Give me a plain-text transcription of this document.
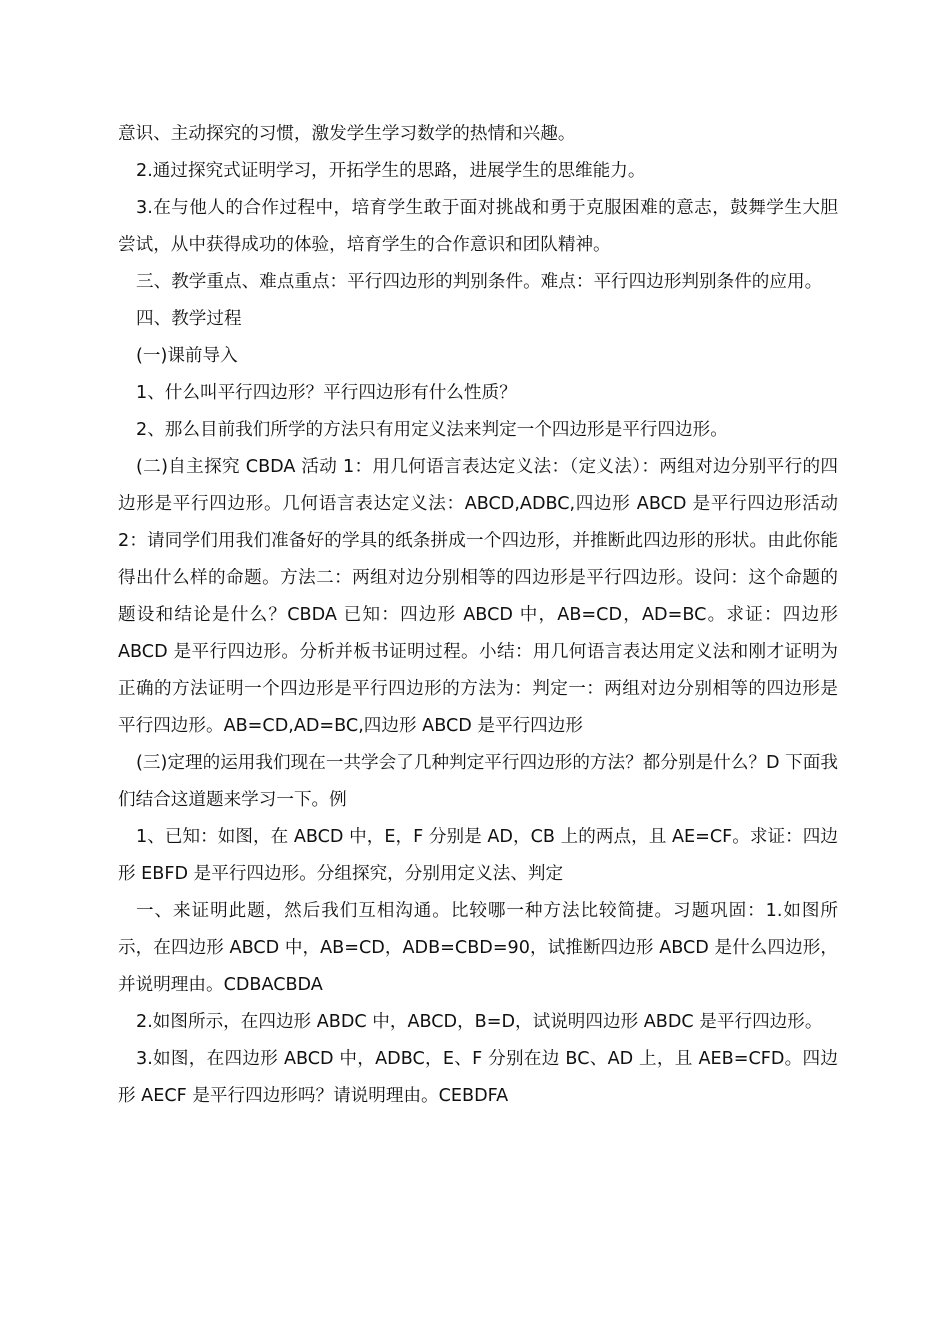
意识、主动探究的习惯，激发学生学习数学的热情和兴趣。

2.通过探究式证明学习，开拓学生的思路，进展学生的思维能力。

3.在与他人的合作过程中，培育学生敢于面对挑战和勇于克服困难的意志，鼓舞学生大胆尝试，从中获得成功的体验，培育学生的合作意识和团队精神。

三、教学重点、难点重点：平行四边形的判别条件。难点：平行四边形判别条件的应用。

四、教学过程

(一)课前导入

1、什么叫平行四边形？平行四边形有什么性质？

2、那么目前我们所学的方法只有用定义法来判定一个四边形是平行四边形。

(二)自主探究 CBDA 活动 1：用几何语言表达定义法：（定义法）：两组对边分别平行的四边形是平行四边形。几何语言表达定义法：ABCD,ADBC,四边形 ABCD 是平行四边形活动 2：请同学们用我们准备好的学具的纸条拼成一个四边形，并推断此四边形的形状。由此你能得出什么样的命题。方法二：两组对边分别相等的四边形是平行四边形。设问：这个命题的题设和结论是什么？CBDA 已知：四边形 ABCD 中，AB=CD，AD=BC。求证：四边形 ABCD 是平行四边形。分析并板书证明过程。小结：用几何语言表达用定义法和刚才证明为正确的方法证明一个四边形是平行四边形的方法为：判定一：两组对边分别相等的四边形是平行四边形。AB=CD,AD=BC,四边形 ABCD 是平行四边形

(三)定理的运用我们现在一共学会了几种判定平行四边形的方法？都分别是什么？D 下面我们结合这道题来学习一下。例

1、已知：如图，在 ABCD 中，E，F 分别是 AD，CB 上的两点，且 AE=CF。求证：四边形 EBFD 是平行四边形。分组探究，分别用定义法、判定

一、来证明此题，然后我们互相沟通。比较哪一种方法比较简捷。习题巩固：1.如图所示，在四边形 ABCD 中，AB=CD，ADB=CBD=90，试推断四边形 ABCD 是什么四边形，并说明理由。CDBACBDA

2.如图所示，在四边形 ABDC 中，ABCD，B=D，试说明四边形 ABDC 是平行四边形。

3.如图，在四边形 ABCD 中，ADBC，E、F 分别在边 BC、AD 上，且 AEB=CFD。四边形 AECF 是平行四边形吗？请说明理由。CEBDFA
